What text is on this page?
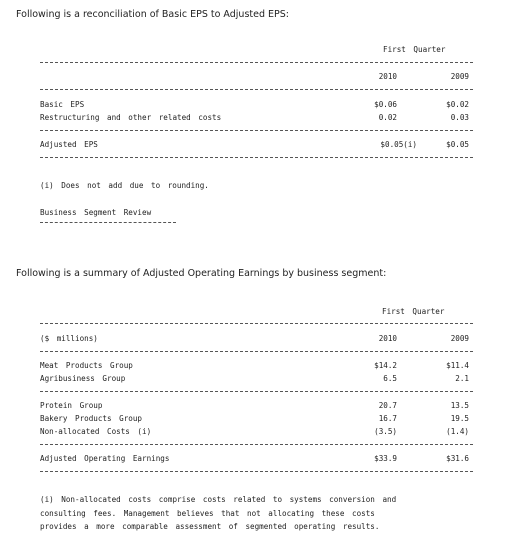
Following is a reconciliation of Basic EPS to Adjusted EPS:
First Quarter
2010	2009
Basic EPS	$0.06	$0.02
Restructuring and other related costs	0.02	0.03
Adjusted EPS	$0.05(i)	$0.05
(i) Does not add due to rounding.
Business Segment Review
Following is a summary of Adjusted Operating Earnings by business segment:
First Quarter
($ millions)	2010	2009
Meat Products Group	$14.2	$11.4
Agribusiness Group	6.5	2.1
Protein Group	20.7	13.5
Bakery Products Group	16.7	19.5
Non-allocated Costs (i)	(3.5)	(1.4)
Adjusted Operating Earnings	$33.9	$31.6
(i) Non-allocated costs comprise costs related to systems conversion and
consulting fees. Management believes that not allocating these costs
provides a more comparable assessment of segmented operating results.
